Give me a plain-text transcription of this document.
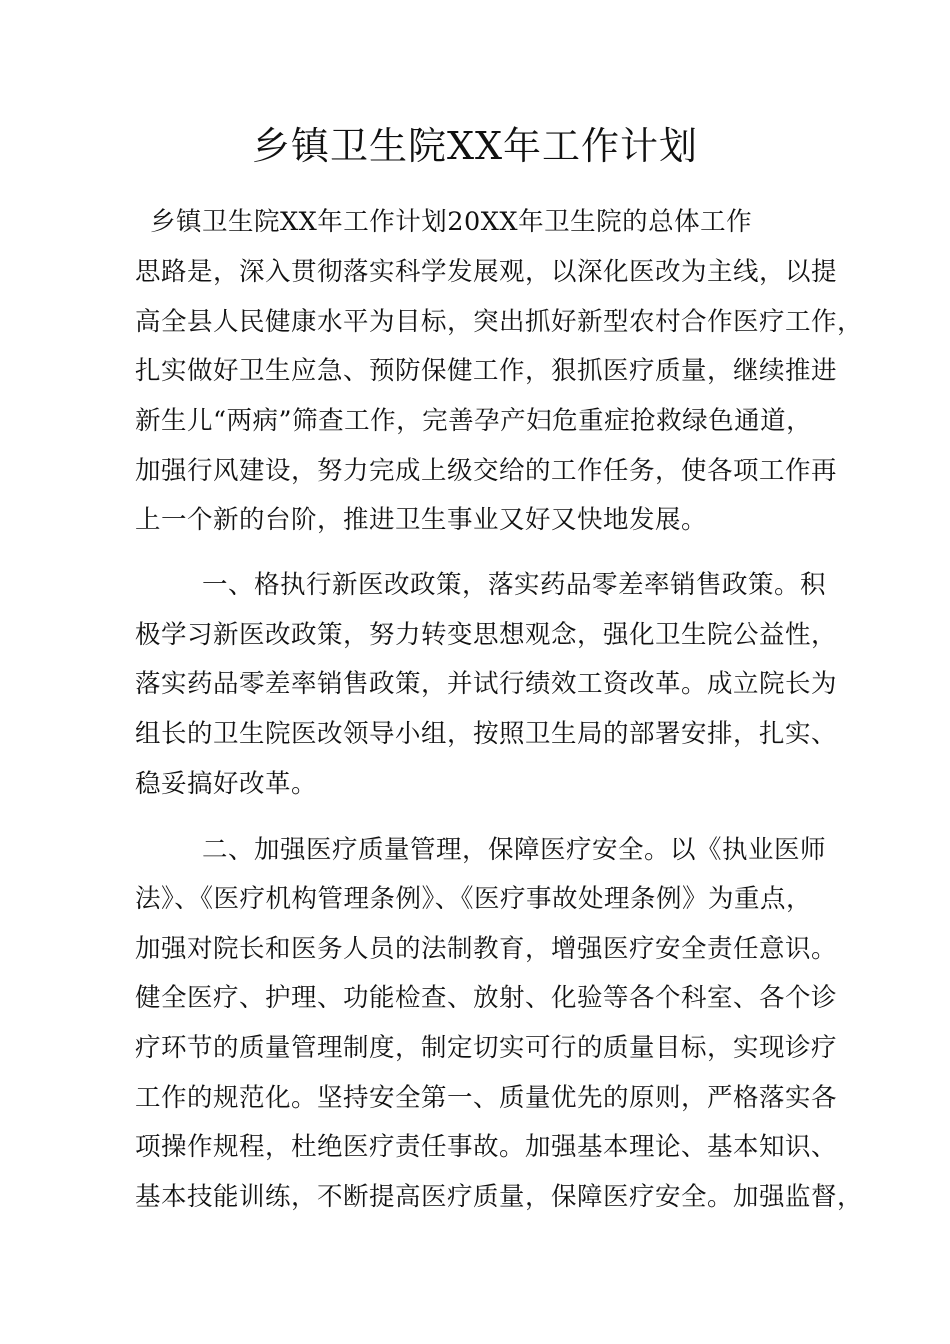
乡镇卫生院XX年工作计划
乡镇卫生院XX年工作计划20XX年卫生院的总体工作
思路是，深入贯彻落实科学发展观，以深化医改为主线，以提
高全县人民健康水平为目标，突出抓好新型农村合作医疗工作，
扎实做好卫生应急、预防保健工作，狠抓医疗质量，继续推进
新生儿“两病”筛查工作，完善孕产妇危重症抢救绿色通道，
加强行风建设，努力完成上级交给的工作任务，使各项工作再
上一个新的台阶，推进卫生事业又好又快地发展。
一、格执行新医改政策，落实药品零差率销售政策。积
极学习新医改政策，努力转变思想观念，强化卫生院公益性，
落实药品零差率销售政策，并试行绩效工资改革。成立院长为
组长的卫生院医改领导小组，按照卫生局的部署安排，扎实、
稳妥搞好改革。
二、加强医疗质量管理，保障医疗安全。以《执业医师
法》、《医疗机构管理条例》、《医疗事故处理条例》为重点，
加强对院长和医务人员的法制教育，增强医疗安全责任意识。
健全医疗、护理、功能检查、放射、化验等各个科室、各个诊
疗环节的质量管理制度，制定切实可行的质量目标，实现诊疗
工作的规范化。坚持安全第一、质量优先的原则，严格落实各
项操作规程，杜绝医疗责任事故。加强基本理论、基本知识、
基本技能训练，不断提高医疗质量，保障医疗安全。加强监督，
